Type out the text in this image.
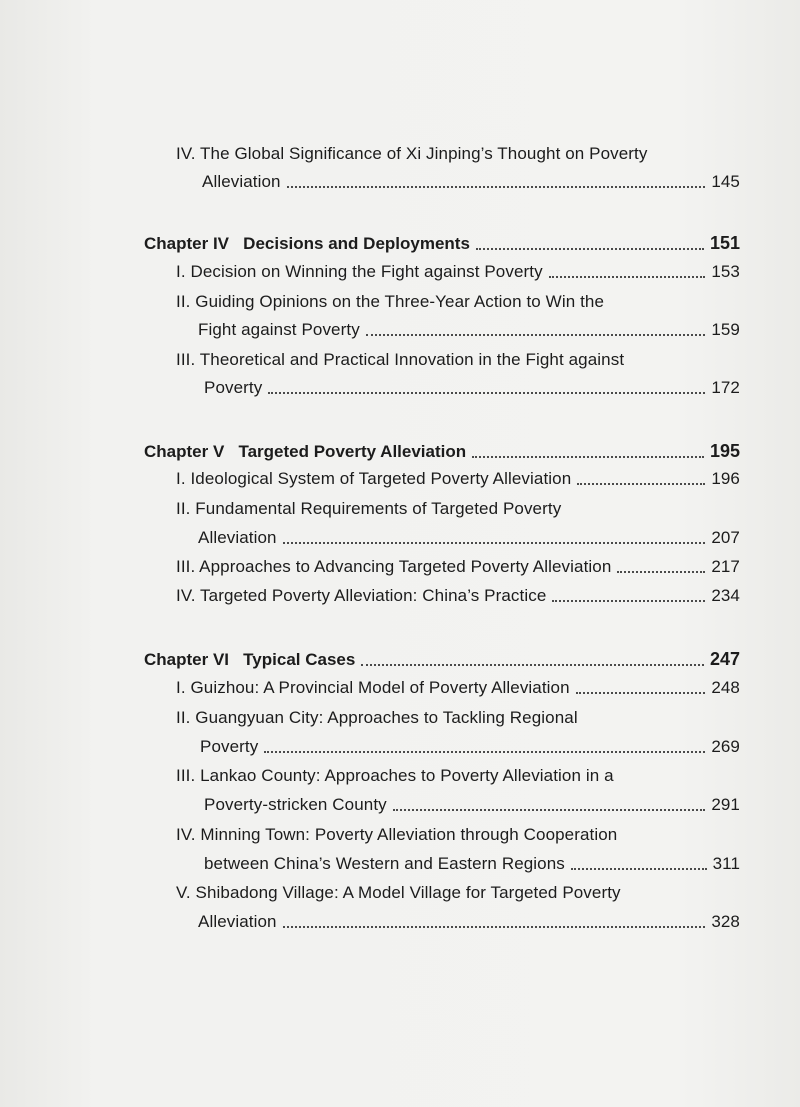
IV. The Global Significance of Xi Jinping’s Thought on Poverty
Alleviation	145
Chapter IV   Decisions and Deployments	151
I. Decision on Winning the Fight against Poverty	153
II. Guiding Opinions on the Three-Year Action to Win the
Fight against Poverty	159
III. Theoretical and Practical Innovation in the Fight against
Poverty	172
Chapter V   Targeted Poverty Alleviation	195
I. Ideological System of Targeted Poverty Alleviation	196
II. Fundamental Requirements of Targeted Poverty
Alleviation	207
III. Approaches to Advancing Targeted Poverty Alleviation	217
IV. Targeted Poverty Alleviation: China’s Practice	234
Chapter VI   Typical Cases	247
I. Guizhou: A Provincial Model of Poverty Alleviation	248
II. Guangyuan City: Approaches to Tackling Regional
Poverty	269
III. Lankao County: Approaches to Poverty Alleviation in a
Poverty-stricken County	291
IV. Minning Town: Poverty Alleviation through Cooperation
between China’s Western and Eastern Regions	311
V. Shibadong Village: A Model Village for Targeted Poverty
Alleviation	328
